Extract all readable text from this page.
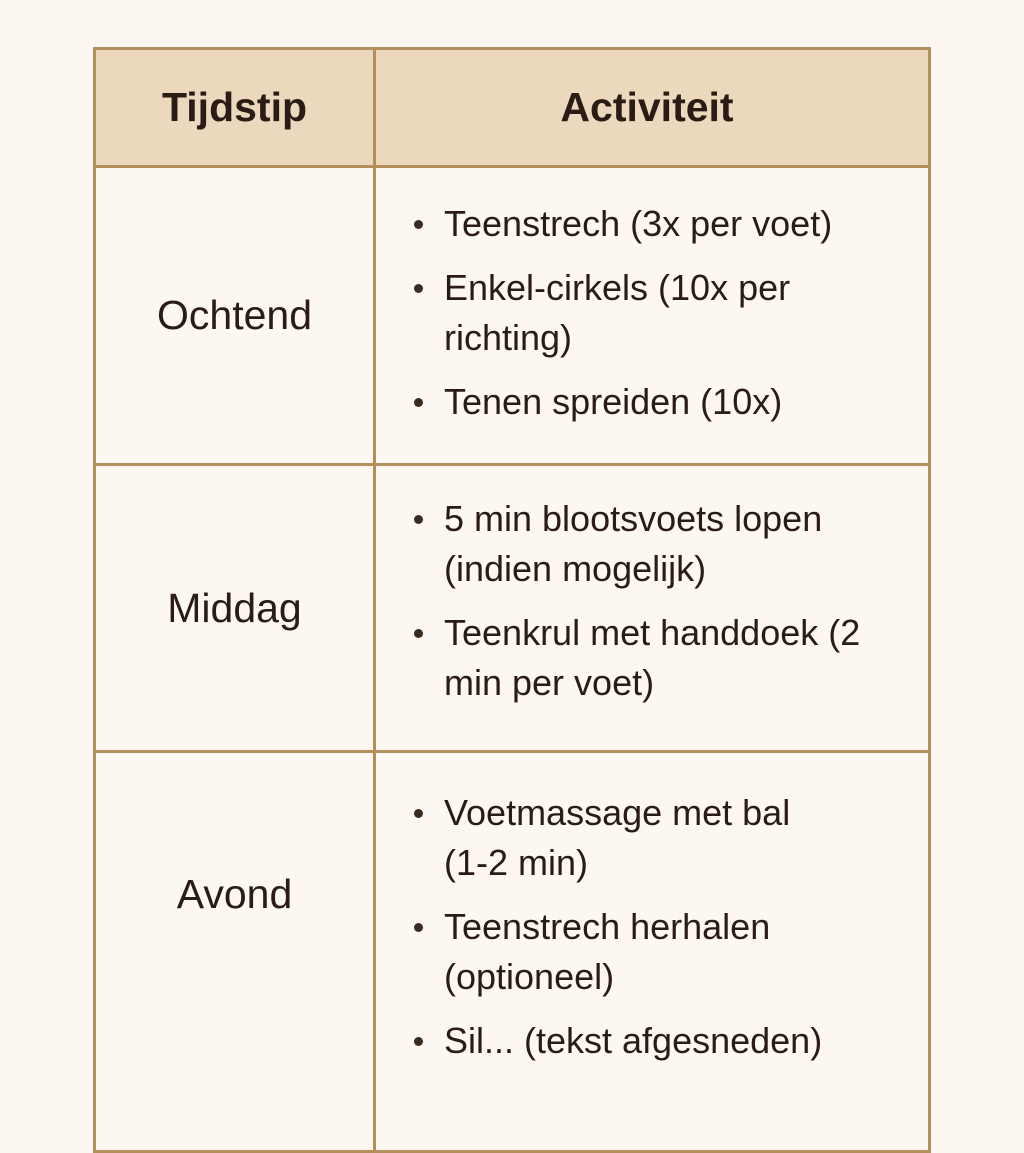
Tijdstip	Activiteit
Ochtend
Teenstrech (3x per voet)
Enkel-cirkels (10x per richting)
Tenen spreiden (10x)
Middag
5 min blootsvoets lopen (indien mogelijk)
Teenkrul met handdoek (2 min per voet)
Avond
Voetmassage met bal (1-2 min)
Teenstrech herhalen (optioneel)
Sil... (tekst afgesneden)
